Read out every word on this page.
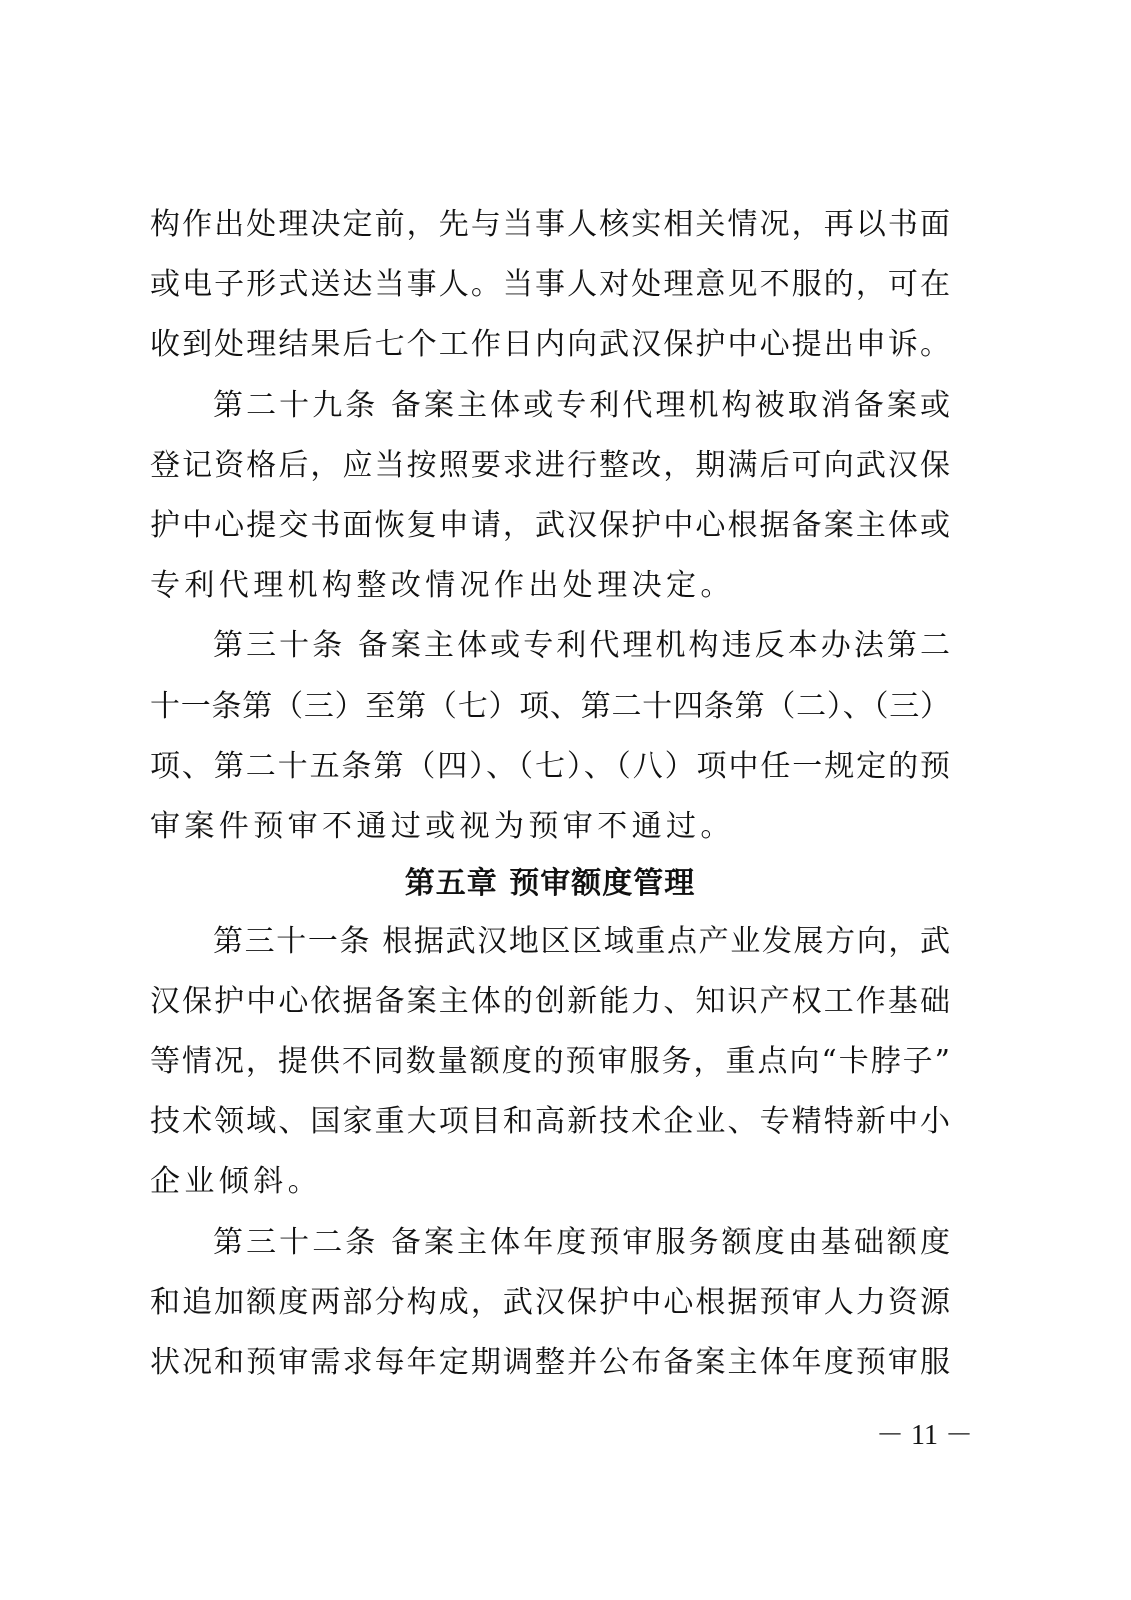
构作出处理决定前，先与当事人核实相关情况，再以书面
或电子形式送达当事人。当事人对处理意见不服的，可在
收到处理结果后七个工作日内向武汉保护中心提出申诉。
第二十九条 备案主体或专利代理机构被取消备案或
登记资格后，应当按照要求进行整改，期满后可向武汉保
护中心提交书面恢复申请，武汉保护中心根据备案主体或
专利代理机构整改情况作出处理决定。
第三十条 备案主体或专利代理机构违反本办法第二
十一条第（三）至第（七）项、第二十四条第（二）、（三）
项、第二十五条第（四）、（七）、（八）项中任一规定的预
审案件预审不通过或视为预审不通过。
第五章 预审额度管理
第三十一条 根据武汉地区区域重点产业发展方向，武
汉保护中心依据备案主体的创新能力、知识产权工作基础
等情况，提供不同数量额度的预审服务，重点向“卡脖子”
技术领域、国家重大项目和高新技术企业、专精特新中小
企业倾斜。
第三十二条 备案主体年度预审服务额度由基础额度
和追加额度两部分构成，武汉保护中心根据预审人力资源
状况和预审需求每年定期调整并公布备案主体年度预审服
－ 11 －
